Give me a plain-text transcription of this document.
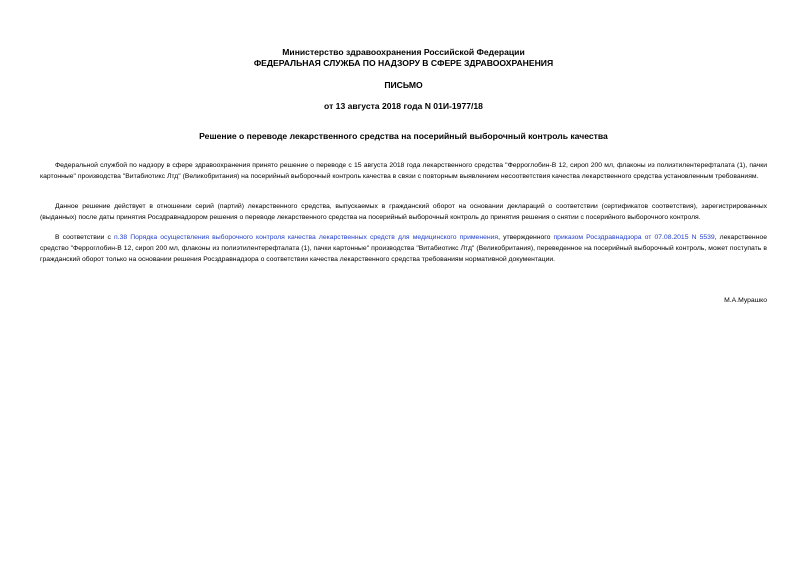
Министерство здравоохранения Российской Федерации
ФЕДЕРАЛЬНАЯ СЛУЖБА ПО НАДЗОРУ В СФЕРЕ ЗДРАВООХРАНЕНИЯ
ПИСЬМО
от 13 августа 2018 года N 01И-1977/18
Решение о переводе лекарственного средства на посерийный выборочный контроль качества
Федеральной службой по надзору в сфере здравоохранения принято решение о переводе с 15 августа 2018 года лекарственного средства "Ферроглобин-В 12, сироп 200 мл, флаконы из полиэтилентерефталата (1), пачки картонные" производства "Витабиотикс Лтд" (Великобритания) на посерийный выборочный контроль качества в связи с повторным выявлением несоответствия качества лекарственного средства установленным требованиям.
Данное решение действует в отношении серий (партий) лекарственного средства, выпускаемых в гражданский оборот на основании деклараций о соответствии (сертификатов соответствия), зарегистрированных (выданных) после даты принятия Росздравнадзором решения о переводе лекарственного средства на посерийный выборочный контроль до принятия решения о снятии с посерийного выборочного контроля.
В соответствии с п.38 Порядка осуществления выборочного контроля качества лекарственных средств для медицинского применения, утвержденного приказом Росздравнадзора от 07.08.2015 N 5539, лекарственное средство "Ферроглобин-В 12, сироп 200 мл, флаконы из полиэтилентерефталата (1), пачки картонные" производства "Витабиотикс Лтд" (Великобритания), переведенное на посерийный выборочный контроль, может поступать в гражданский оборот только на основании решения Росздравнадзора о соответствии качества лекарственного средства требованиям нормативной документации.
М.А.Мурашко
